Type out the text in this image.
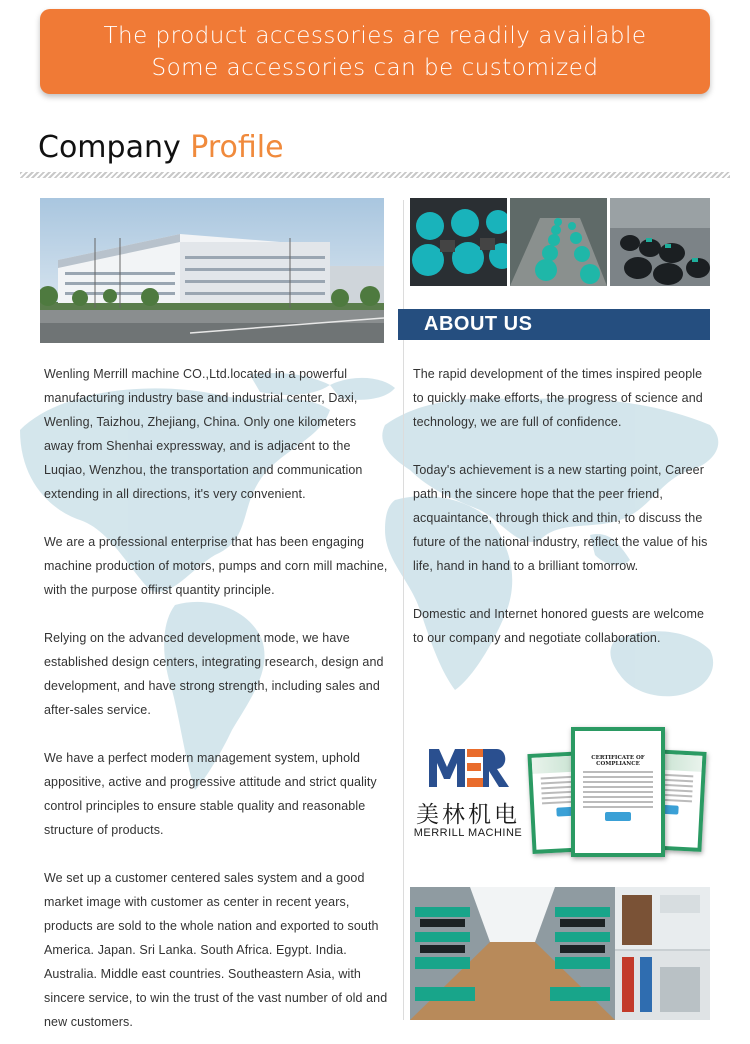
The product accessories are readily available
Some accessories can be customized
Company Profile
ABOUT US

Wenling Merrill machine CO.,Ltd.located in a powerful manufacturing industry base and industrial center, Daxi, Wenling, Taizhou, Zhejiang, China. Only one kilometers away from Shenhai expressway, and is adjacent to the Luqiao, Wenzhou, the transportation and communication extending in all directions, it's very convenient.

We are a professional enterprise that has been engaging machine production of motors, pumps and corn mill machine, with the purpose offirst quantity principle.

Relying on the advanced development mode, we have established design centers, integrating research, design and development, and have strong strength, including sales and after-sales service.

We have a perfect modern management system, uphold appositive, active and progressive attitude and strict quality control principles to ensure stable quality and reasonable structure of products.

We set up a customer centered sales system and a good market image with customer as center in recent years, products are sold to the whole nation and exported to south America. Japan. Sri Lanka. South Africa. Egypt. India. Australia. Middle east countries. Southeastern Asia, with sincere service, to win the trust of the vast number of old and new customers.

The rapid development of the times inspired people to quickly make efforts, the progress of science and technology, we are full of confidence.

Today's achievement is a new starting point, Career path in the sincere hope that the peer friend, acquaintance, through thick and thin, to discuss the future of the national industry, reflect the value of his life, hand in hand to a brilliant tomorrow.

Domestic and Internet honored guests are welcome to our company and negotiate collaboration.

美林机电
MERRILL MACHINE
CERTIFICATE OF COMPLIANCE
